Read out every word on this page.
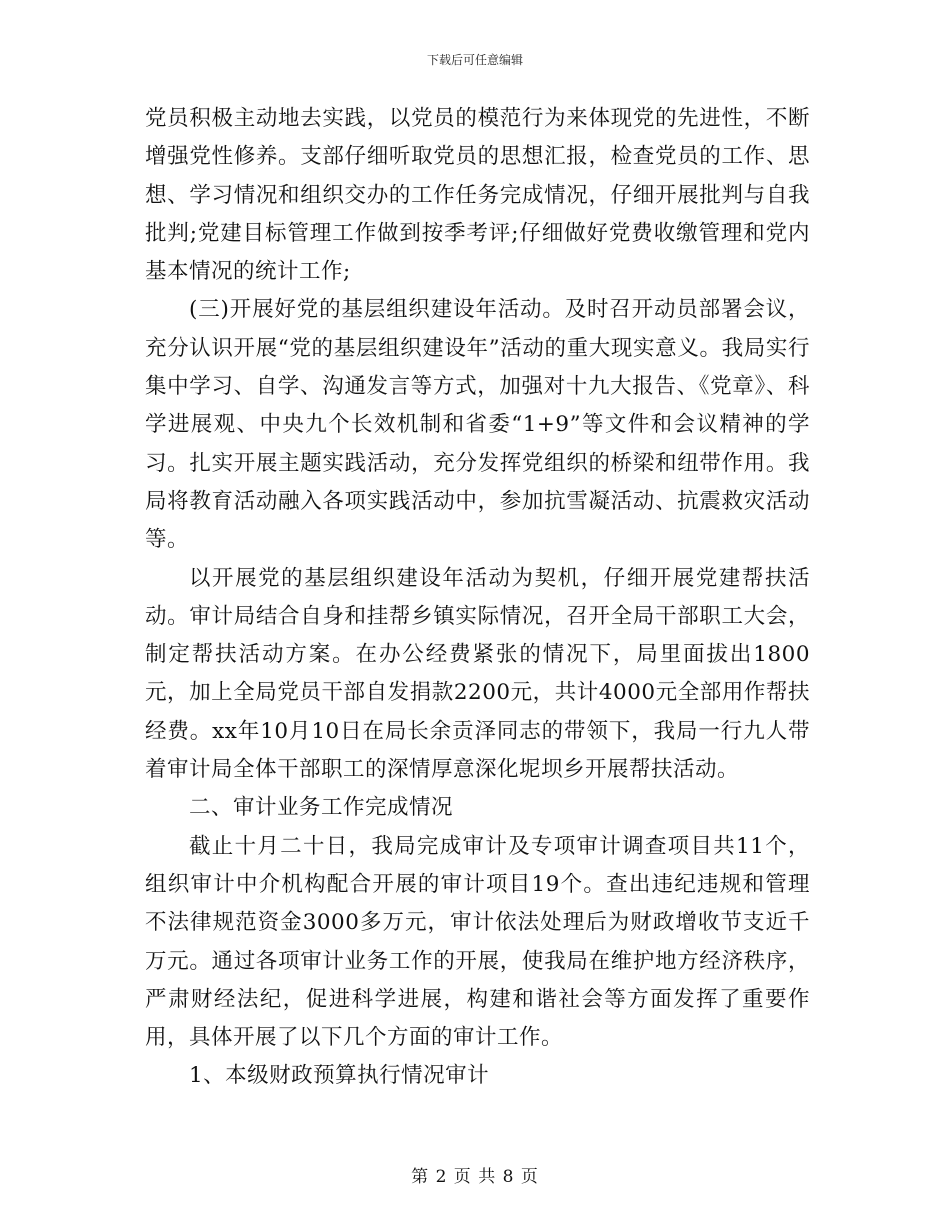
下载后可任意编辑

党员积极主动地去实践，以党员的模范行为来体现党的先进性，不断增强党性修养。支部仔细听取党员的思想汇报，检查党员的工作、思想、学习情况和组织交办的工作任务完成情况，仔细开展批判与自我批判;党建目标管理工作做到按季考评;仔细做好党费收缴管理和党内基本情况的统计工作;

(三)开展好党的基层组织建设年活动。及时召开动员部署会议，充分认识开展“党的基层组织建设年”活动的重大现实意义。我局实行集中学习、自学、沟通发言等方式，加强对十九大报告、《党章》、科学进展观、中央九个长效机制和省委“1+9”等文件和会议精神的学习。扎实开展主题实践活动，充分发挥党组织的桥梁和纽带作用。我局将教育活动融入各项实践活动中，参加抗雪凝活动、抗震救灾活动等。

以开展党的基层组织建设年活动为契机，仔细开展党建帮扶活动。审计局结合自身和挂帮乡镇实际情况，召开全局干部职工大会，制定帮扶活动方案。在办公经费紧张的情况下，局里面拔出1800元，加上全局党员干部自发捐款2200元，共计4000元全部用作帮扶经费。xx年10月10日在局长余贡泽同志的带领下，我局一行九人带着审计局全体干部职工的深情厚意深化坭坝乡开展帮扶活动。

二、审计业务工作完成情况

截止十月二十日，我局完成审计及专项审计调查项目共11个，组织审计中介机构配合开展的审计项目19个。查出违纪违规和管理不法律规范资金3000多万元，审计依法处理后为财政增收节支近千万元。通过各项审计业务工作的开展，使我局在维护地方经济秩序，严肃财经法纪，促进科学进展，构建和谐社会等方面发挥了重要作用，具体开展了以下几个方面的审计工作。

1、本级财政预算执行情况审计

第 2 页 共 8 页
